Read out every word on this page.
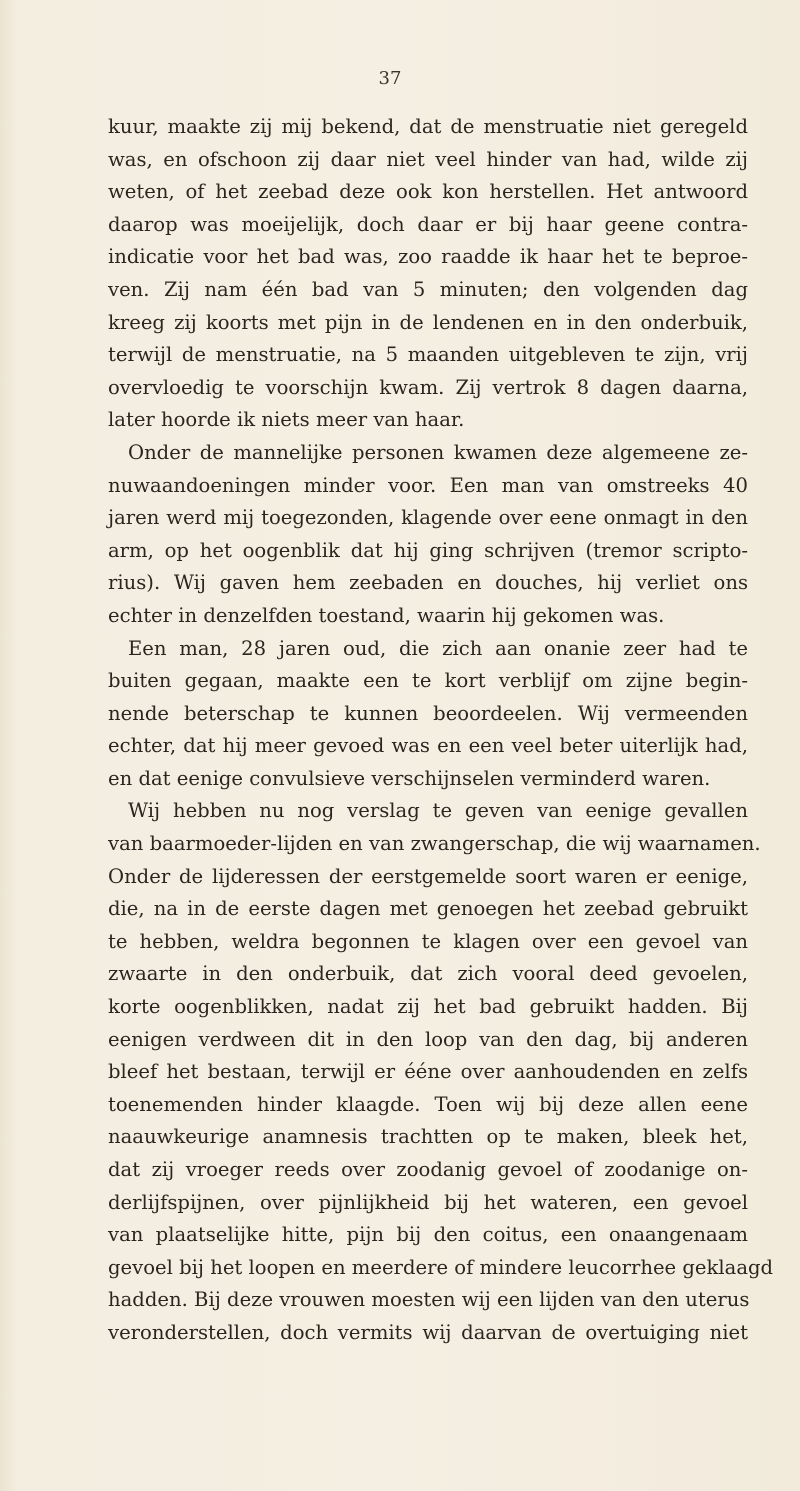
37
kuur, maakte zij mij bekend, dat de menstruatie niet geregeld
was, en ofschoon zij daar niet veel hinder van had, wilde zij
weten, of het zeebad deze ook kon herstellen. Het antwoord
daarop was moeijelijk, doch daar er bij haar geene contra-
indicatie voor het bad was, zoo raadde ik haar het te beproe-
ven. Zij nam één bad van 5 minuten; den volgenden dag
kreeg zij koorts met pijn in de lendenen en in den onderbuik,
terwijl de menstruatie, na 5 maanden uitgebleven te zijn, vrij
overvloedig te voorschijn kwam. Zij vertrok 8 dagen daarna,
later hoorde ik niets meer van haar.
Onder de mannelijke personen kwamen deze algemeene ze-
nuwaandoeningen minder voor. Een man van omstreeks 40
jaren werd mij toegezonden, klagende over eene onmagt in den
arm, op het oogenblik dat hij ging schrijven (tremor scripto-
rius). Wij gaven hem zeebaden en douches, hij verliet ons
echter in denzelfden toestand, waarin hij gekomen was.
Een man, 28 jaren oud, die zich aan onanie zeer had te
buiten gegaan, maakte een te kort verblijf om zijne begin-
nende beterschap te kunnen beoordeelen. Wij vermeenden
echter, dat hij meer gevoed was en een veel beter uiterlijk had,
en dat eenige convulsieve verschijnselen verminderd waren.
Wij hebben nu nog verslag te geven van eenige gevallen
van baarmoeder-lijden en van zwangerschap, die wij waarnamen.
Onder de lijderessen der eerstgemelde soort waren er eenige,
die, na in de eerste dagen met genoegen het zeebad gebruikt
te hebben, weldra begonnen te klagen over een gevoel van
zwaarte in den onderbuik, dat zich vooral deed gevoelen,
korte oogenblikken, nadat zij het bad gebruikt hadden. Bij
eenigen verdween dit in den loop van den dag, bij anderen
bleef het bestaan, terwijl er ééne over aanhoudenden en zelfs
toenemenden hinder klaagde. Toen wij bij deze allen eene
naauwkeurige anamnesis trachtten op te maken, bleek het,
dat zij vroeger reeds over zoodanig gevoel of zoodanige on-
derlijfspijnen, over pijnlijkheid bij het wateren, een gevoel
van plaatselijke hitte, pijn bij den coitus, een onaangenaam
gevoel bij het loopen en meerdere of mindere leucorrhee geklaagd
hadden. Bij deze vrouwen moesten wij een lijden van den uterus
veronderstellen, doch vermits wij daarvan de overtuiging niet
